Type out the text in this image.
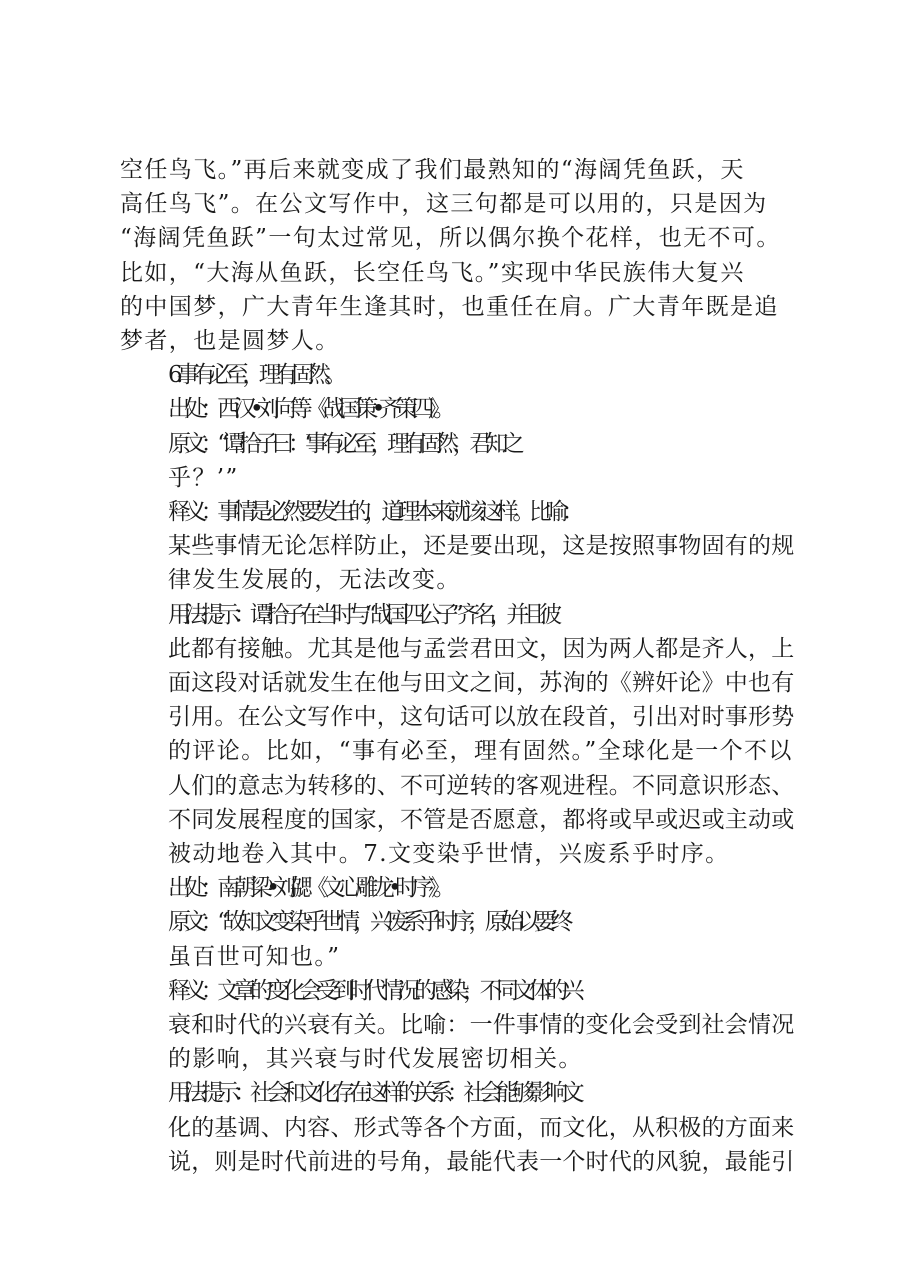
空任鸟飞。”再后来就变成了我们最熟知的“海阔凭鱼跃，天
高任鸟飞”。在公文写作中，这三句都是可以用的，只是因为
“海阔凭鱼跃”一句太过常见，所以偶尔换个花样，也无不可。
比如，“大海从鱼跃，长空任鸟飞。”实现中华民族伟大复兴
的中国梦，广大青年生逢其时，也重任在肩。广大青年既是追
梦者，也是圆梦人。
6.事有必至，理有固然。
出处：西汉•刘向等《战国策•齐策四》。
原文：“谭拾子曰：‘事有必至，理有固然，君知之
乎？’”
释义：事情是必然要发生的，道理本来就该这样。比喻：
某些事情无论怎样防止，还是要出现，这是按照事物固有的规
律发生发展的，无法改变。
用法提示：谭拾子在当时与“战国四公子”齐名，并且彼
此都有接触。尤其是他与孟尝君田文，因为两人都是齐人，上
面这段对话就发生在他与田文之间，苏洵的《辨奸论》中也有
引用。在公文写作中，这句话可以放在段首，引出对时事形势
的评论。比如，“事有必至，理有固然。”全球化是一个不以
人们的意志为转移的、不可逆转的客观进程。不同意识形态、
不同发展程度的国家，不管是否愿意，都将或早或迟或主动或
被动地卷入其中。7.文变染乎世情，兴废系乎时序。
出处：南朝梁•刘勰《文心雕龙•时序》。
原文：“故知文变染乎世情，兴废系乎时序，原始以要终
虽百世可知也。”
释义：文章的变化会受到时代情况的感染，不同文体的兴
衰和时代的兴衰有关。比喻：一件事情的变化会受到社会情况
的影响，其兴衰与时代发展密切相关。
用法提示：社会和文化存在这样的关系：社会能够影响文
化的基调、内容、形式等各个方面，而文化，从积极的方面来
说，则是时代前进的号角，最能代表一个时代的风貌，最能引
